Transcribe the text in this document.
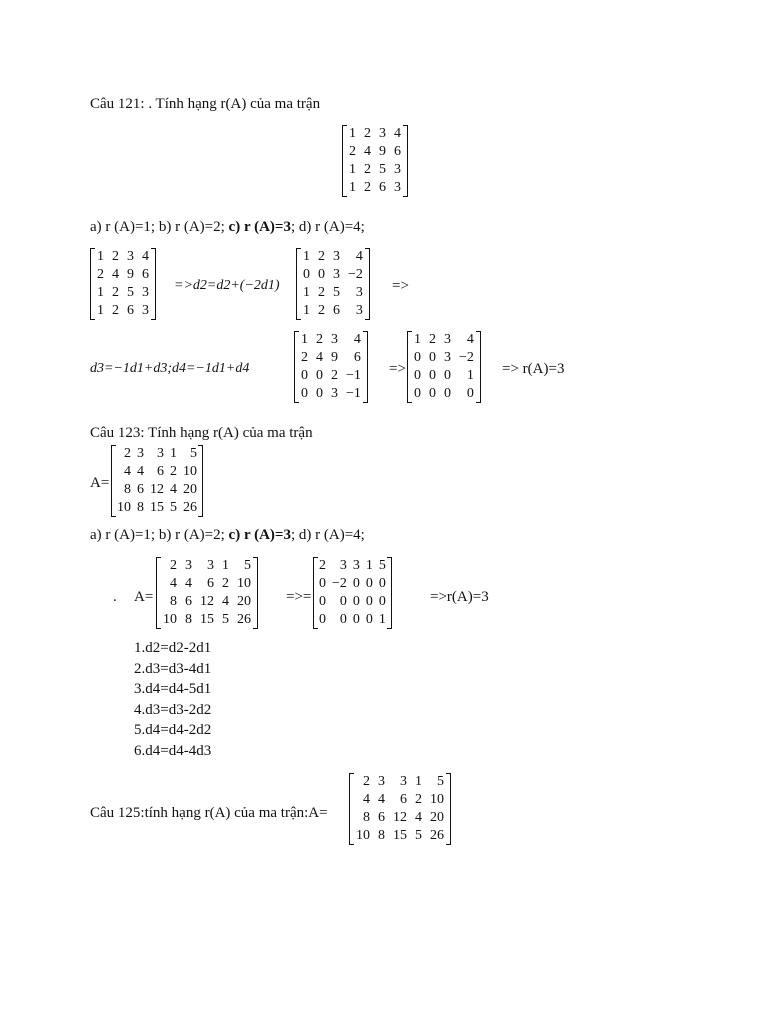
Câu 121: . Tính hạng r(A) của ma trận
1	2	3	4
2	4	9	6
1	2	5	3
1	2	6	3
a) r (A)=1; b) r (A)=2; c) r (A)=3; d) r (A)=4;
1	2	3	4
2	4	9	6
1	2	5	3
1	2	6	3
=>d2=d2+(−2d1)
1	2	3	4
0	0	3	−2
1	2	5	3
1	2	6	3
=>
d3=−1d1+d3;d4=−1d1+d4
1	2	3	4
2	4	9	6
0	0	2	−1
0	0	3	−1
=>
1	2	3	4
0	0	3	−2
0	0	0	1
0	0	0	0
=> r(A)=3
Câu 123: Tính hạng r(A) của ma trận
A=
2	3	3	1	5
4	4	6	2	10
8	6	12	4	20
10	8	15	5	26
a) r (A)=1; b) r (A)=2; c) r (A)=3; d) r (A)=4;
. A=
2	3	3	1	5
4	4	6	2	10
8	6	12	4	20
10	8	15	5	26
=>=
2	3	3	1	5
0	−2	0	0	0
0	0	0	0	0
0	0	0	0	1
=>r(A)=3
1.d2=d2-2d1
2.d3=d3-4d1
3.d4=d4-5d1
4.d3=d3-2d2
5.d4=d4-2d2
6.d4=d4-4d3
Câu 125:tính hạng r(A) của ma trận:A=
2	3	3	1	5
4	4	6	2	10
8	6	12	4	20
10	8	15	5	26
